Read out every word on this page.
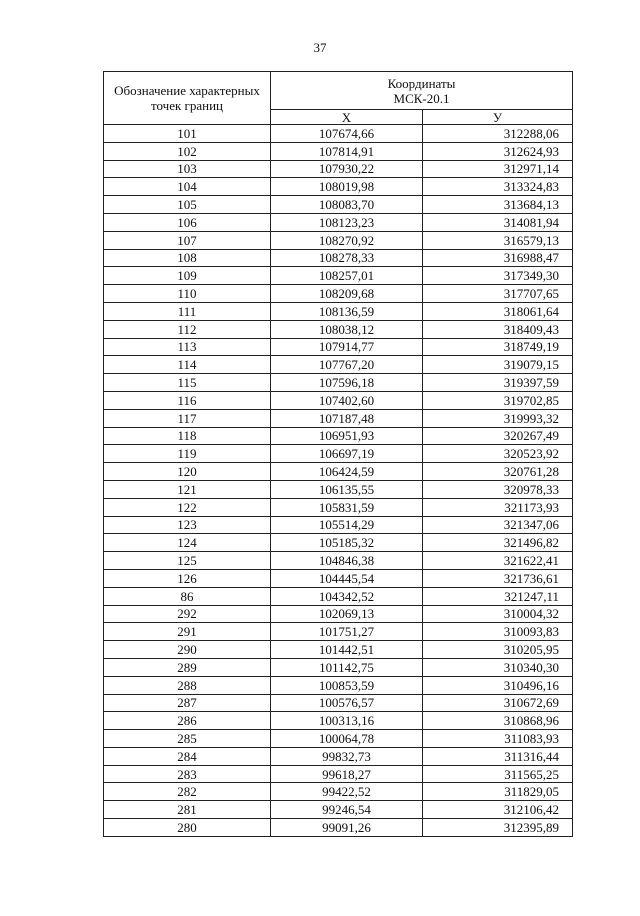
37
Обозначение характерных точек границ	Координаты
МСК-20.1	
	Х	У
101	107674,66	312288,06
102	107814,91	312624,93
103	107930,22	312971,14
104	108019,98	313324,83
105	108083,70	313684,13
106	108123,23	314081,94
107	108270,92	316579,13
108	108278,33	316988,47
109	108257,01	317349,30
110	108209,68	317707,65
111	108136,59	318061,64
112	108038,12	318409,43
113	107914,77	318749,19
114	107767,20	319079,15
115	107596,18	319397,59
116	107402,60	319702,85
117	107187,48	319993,32
118	106951,93	320267,49
119	106697,19	320523,92
120	106424,59	320761,28
121	106135,55	320978,33
122	105831,59	321173,93
123	105514,29	321347,06
124	105185,32	321496,82
125	104846,38	321622,41
126	104445,54	321736,61
86	104342,52	321247,11
292	102069,13	310004,32
291	101751,27	310093,83
290	101442,51	310205,95
289	101142,75	310340,30
288	100853,59	310496,16
287	100576,57	310672,69
286	100313,16	310868,96
285	100064,78	311083,93
284	99832,73	311316,44
283	99618,27	311565,25
282	99422,52	311829,05
281	99246,54	312106,42
280	99091,26	312395,89
